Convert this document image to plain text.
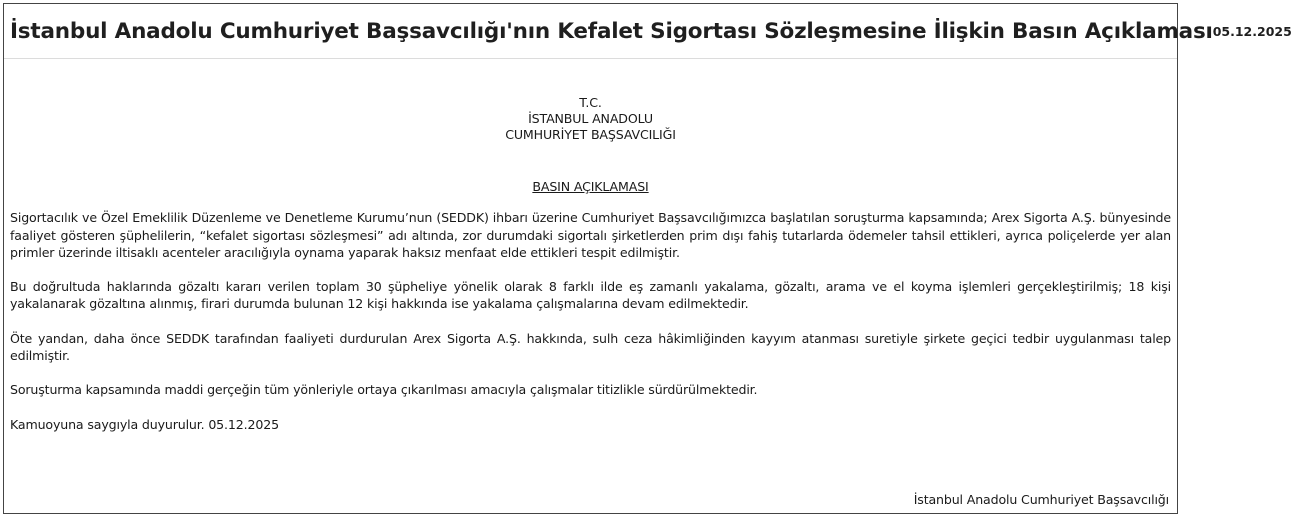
İstanbul Anadolu Cumhuriyet Başsavcılığı'nın Kefalet Sigortası Sözleşmesine İlişkin Basın Açıklaması 05.12.2025
T.C.
İSTANBUL ANADOLU
CUMHURİYET BAŞSAVCILIĞI
BASIN AÇIKLAMASI

Sigortacılık ve Özel Emeklilik Düzenleme ve Denetleme Kurumu’nun (SEDDK) ihbarı üzerine Cumhuriyet Başsavcılığımızca başlatılan soruşturma kapsamında; Arex Sigorta A.Ş. bünyesinde faaliyet gösteren şüphelilerin, “kefalet sigortası sözleşmesi” adı altında, zor durumdaki sigortalı şirketlerden prim dışı fahiş tutarlarda ödemeler tahsil ettikleri, ayrıca poliçelerde yer alan primler üzerinde iltisaklı acenteler aracılığıyla oynama yaparak haksız menfaat elde ettikleri tespit edilmiştir.

Bu doğrultuda haklarında gözaltı kararı verilen toplam 30 şüpheliye yönelik olarak 8 farklı ilde eş zamanlı yakalama, gözaltı, arama ve el koyma işlemleri gerçekleştirilmiş; 18 kişi yakalanarak gözaltına alınmış, firari durumda bulunan 12 kişi hakkında ise yakalama çalışmalarına devam edilmektedir.

Öte yandan, daha önce SEDDK tarafından faaliyeti durdurulan Arex Sigorta A.Ş. hakkında, sulh ceza hâkimliğinden kayyım atanması suretiyle şirkete geçici tedbir uygulanması talep edilmiştir.

Soruşturma kapsamında maddi gerçeğin tüm yönleriyle ortaya çıkarılması amacıyla çalışmalar titizlikle sürdürülmektedir.

Kamuoyuna saygıyla duyurulur. 05.12.2025

İstanbul Anadolu Cumhuriyet Başsavcılığı
